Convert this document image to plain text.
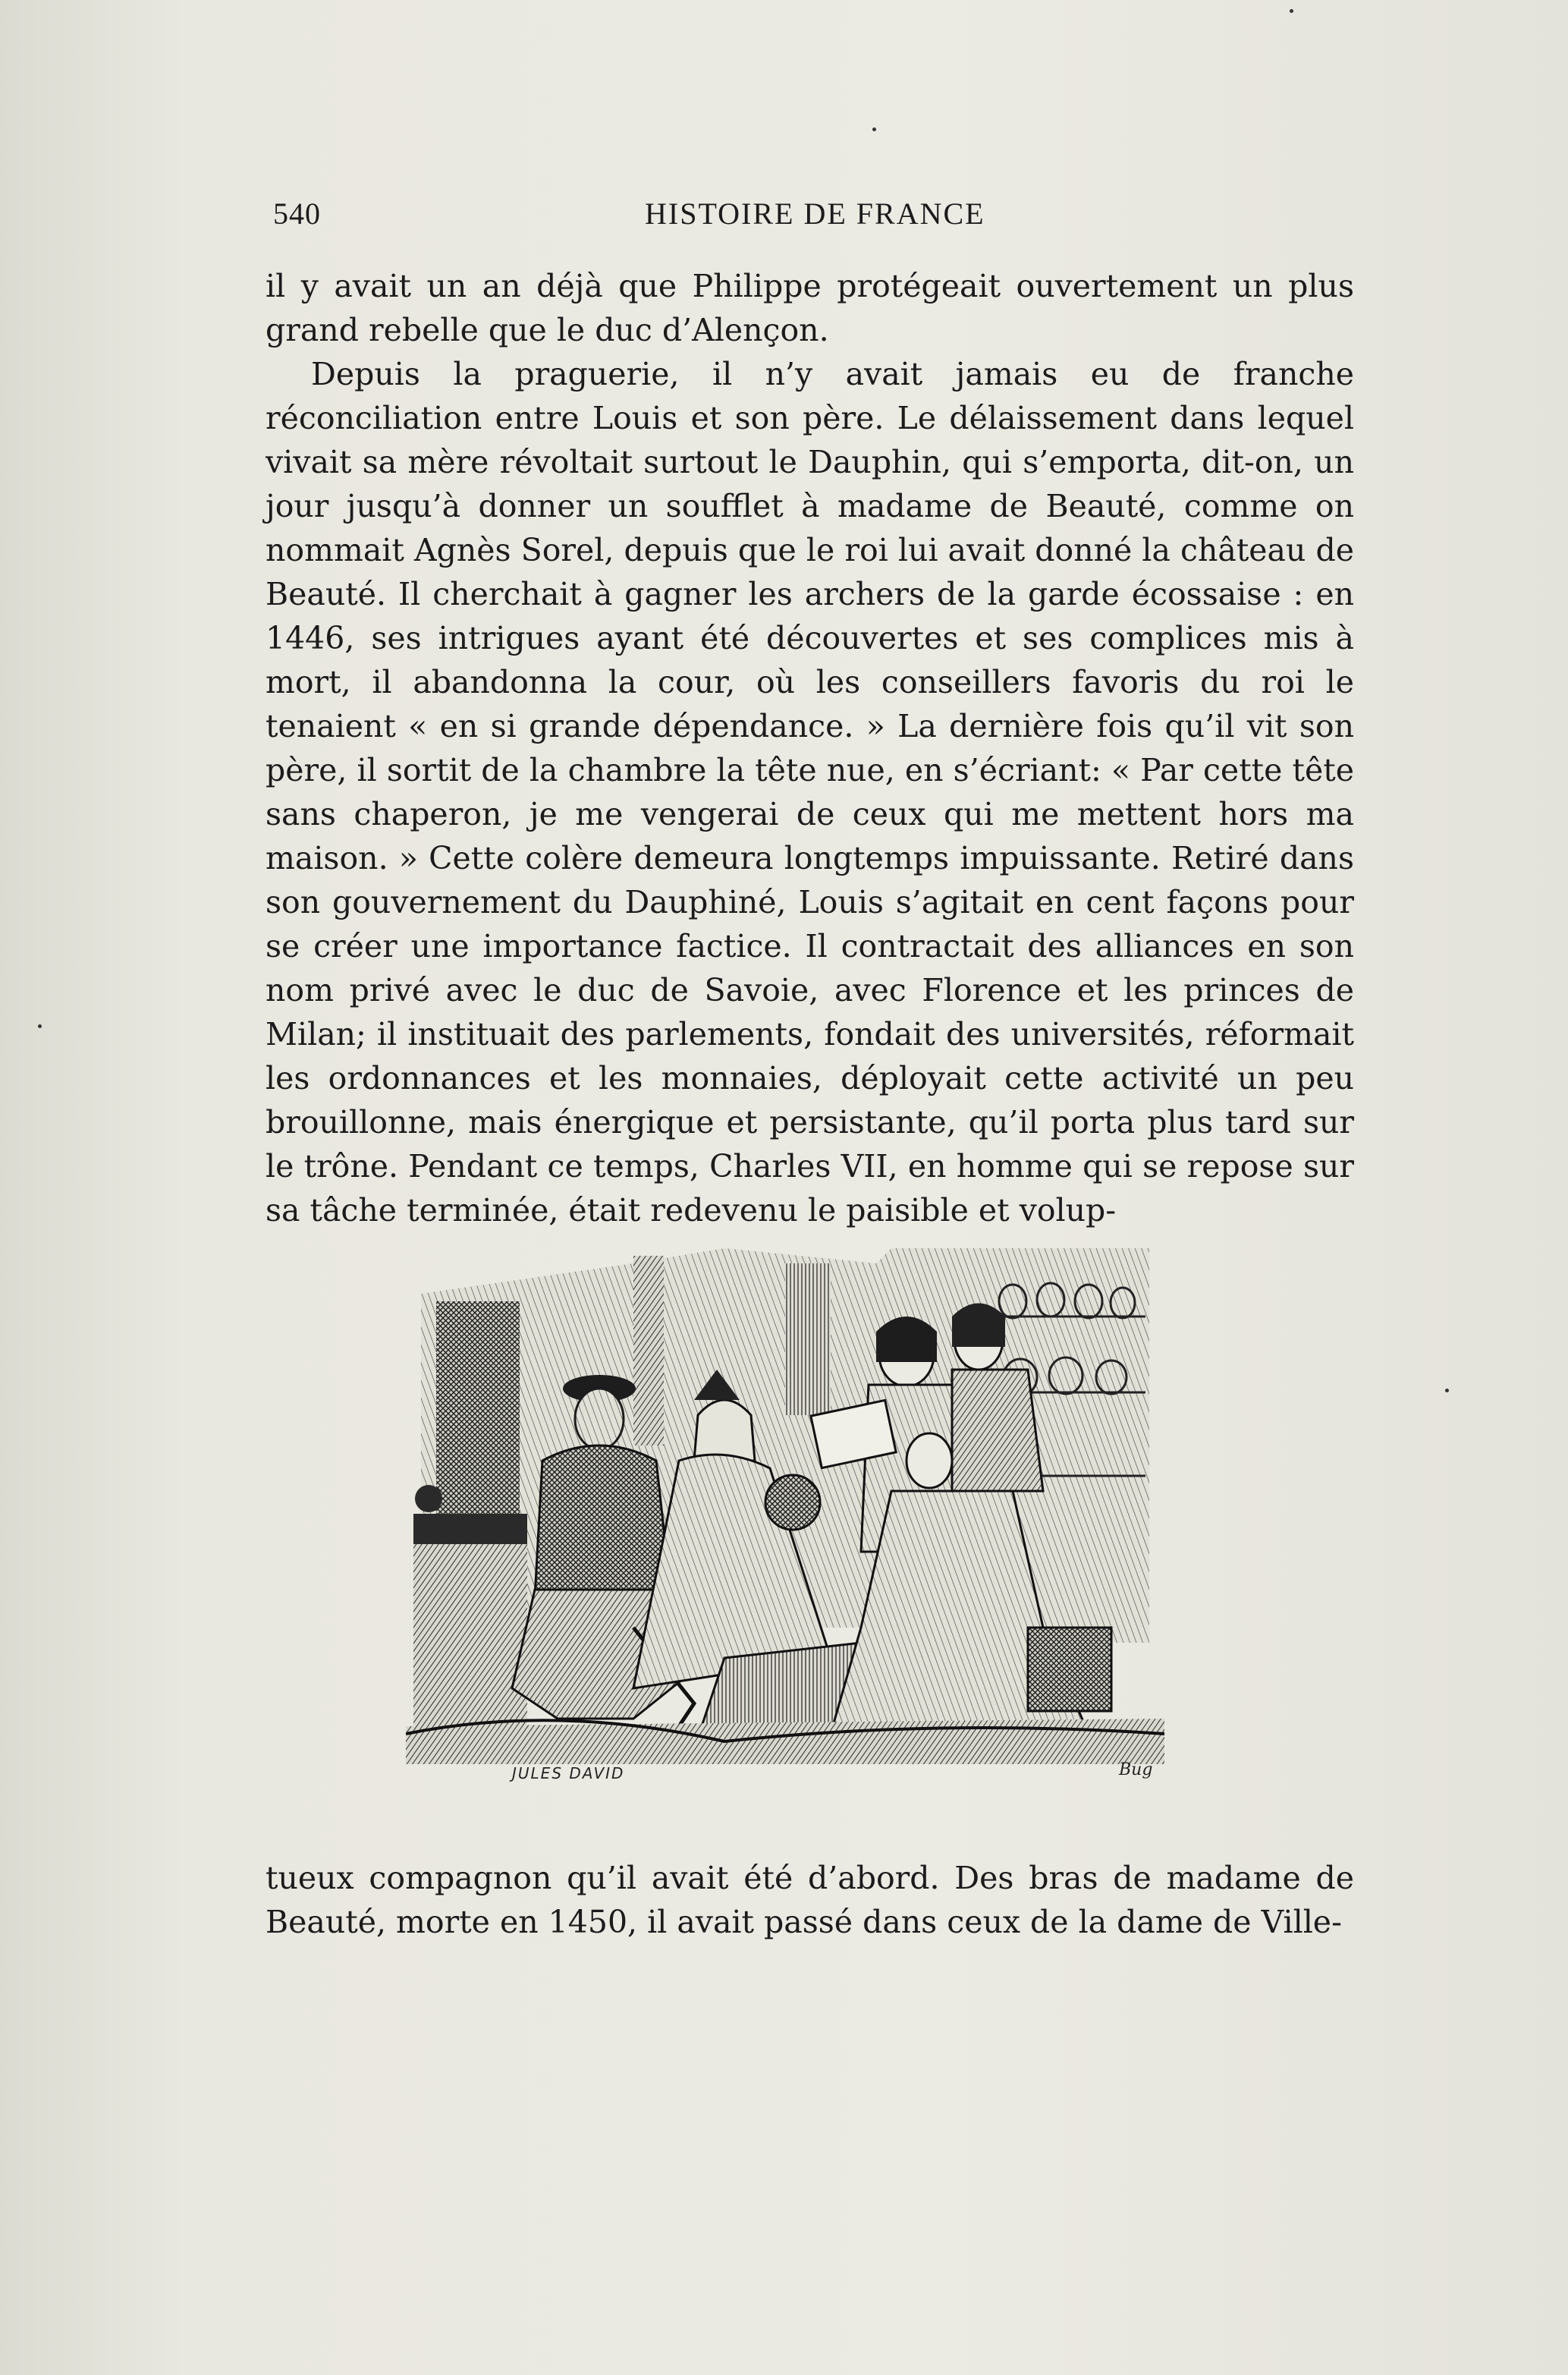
540	HISTOIRE DE FRANCE

il y avait un an déjà que Philippe protégeait ouvertement un plus grand rebelle que le duc d’Alençon.

Depuis la praguerie, il n’y avait jamais eu de franche réconciliation entre Louis et son père. Le délaissement dans lequel vivait sa mère révoltait surtout le Dauphin, qui s’emporta, dit-on, un jour jusqu’à donner un soufflet à madame de Beauté, comme on nommait Agnès Sorel, depuis que le roi lui avait donné la château de Beauté. Il cherchait à gagner les archers de la garde écossaise : en 1446, ses intrigues ayant été découvertes et ses complices mis à mort, il abandonna la cour, où les conseillers favoris du roi le tenaient « en si grande dépendance. » La dernière fois qu’il vit son père, il sortit de la chambre la tête nue, en s’écriant: « Par cette tête sans chaperon, je me vengerai de ceux qui me mettent hors ma maison. » Cette colère demeura longtemps impuissante. Retiré dans son gouvernement du Dauphiné, Louis s’agitait en cent façons pour se créer une importance factice. Il contractait des alliances en son nom privé avec le duc de Savoie, avec Florence et les princes de Milan; il instituait des parlements, fondait des universités, réformait les ordonnances et les monnaies, déployait cette activité un peu brouillonne, mais énergique et persistante, qu’il porta plus tard sur le trône. Pendant ce temps, Charles VII, en homme qui se repose sur sa tâche terminée, était redevenu le paisible et volup-

JULES DAVID	Bug

tueux compagnon qu’il avait été d’abord. Des bras de madame de Beauté, morte en 1450, il avait passé dans ceux de la dame de Ville-
